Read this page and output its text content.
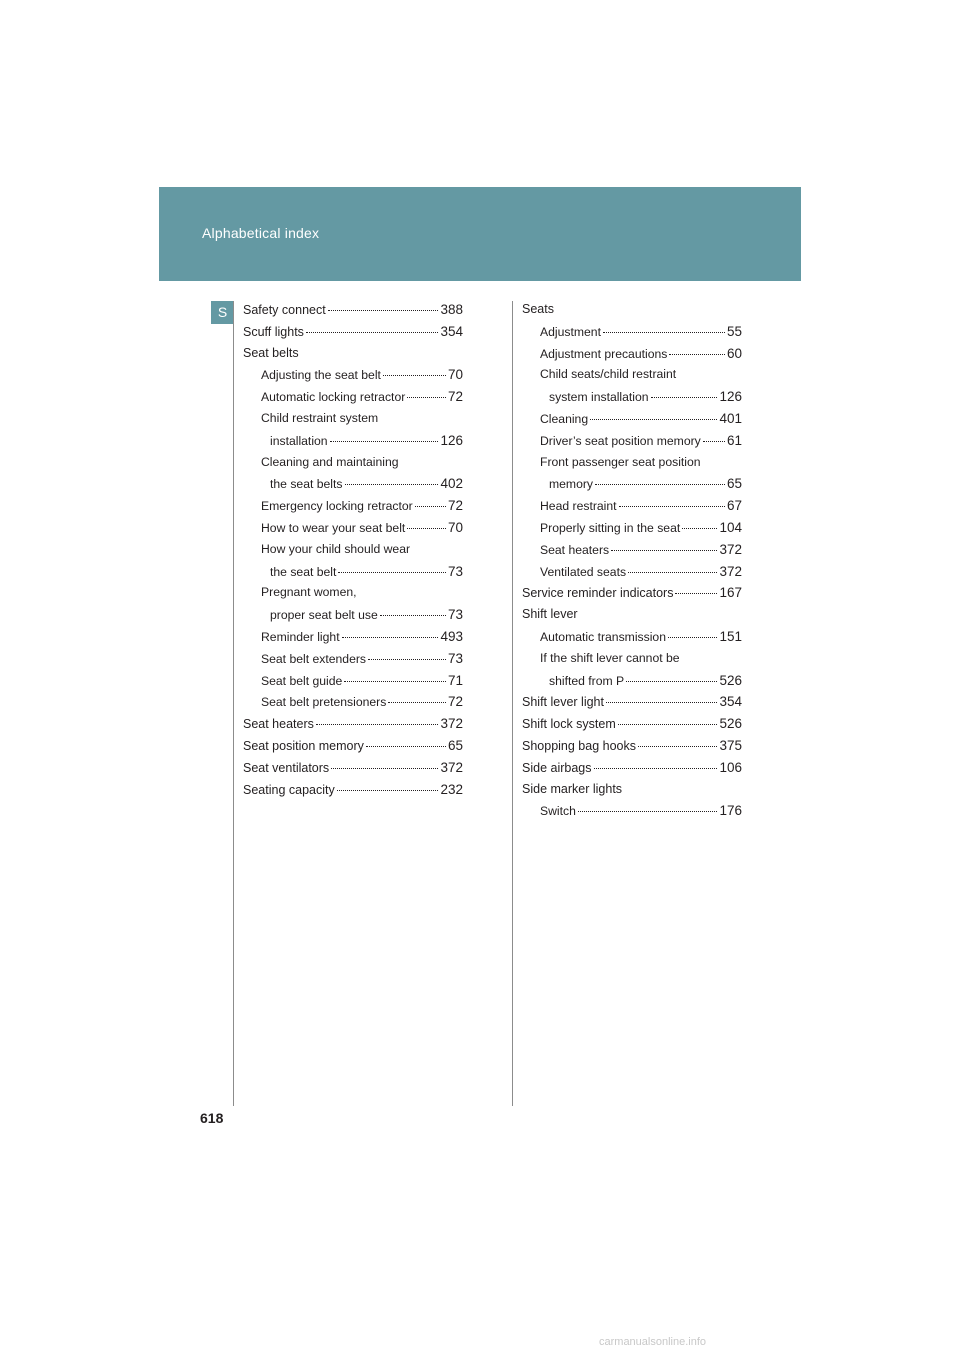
Alphabetical index
S	Safety connect	388
Scuff lights	354
Seat belts
Adjusting the seat belt	70
Automatic locking retractor	72
Child restraint system
installation	126
Cleaning and maintaining
the seat belts	402
Emergency locking retractor	72
How to wear your seat belt	70
How your child should wear
the seat belt	73
Pregnant women,
proper seat belt use	73
Reminder light	493
Seat belt extenders	73
Seat belt guide	71
Seat belt pretensioners	72
Seat heaters	372
Seat position memory	65
Seat ventilators	372
Seating capacity	232
Seats
Adjustment	55
Adjustment precautions	60
Child seats/child restraint
system installation	126
Cleaning	401
Driver’s seat position memory 61
Front passenger seat position
memory	65
Head restraint	67
Properly sitting in the seat	104
Seat heaters	372
Ventilated seats	372
Service reminder indicators	167
Shift lever
Automatic transmission	151
If the shift lever cannot be
shifted from P	526
Shift lever light	354
Shift lock system	526
Shopping bag hooks	375
Side airbags	106
Side marker lights
Switch	176
618
carmanualsonline.info
